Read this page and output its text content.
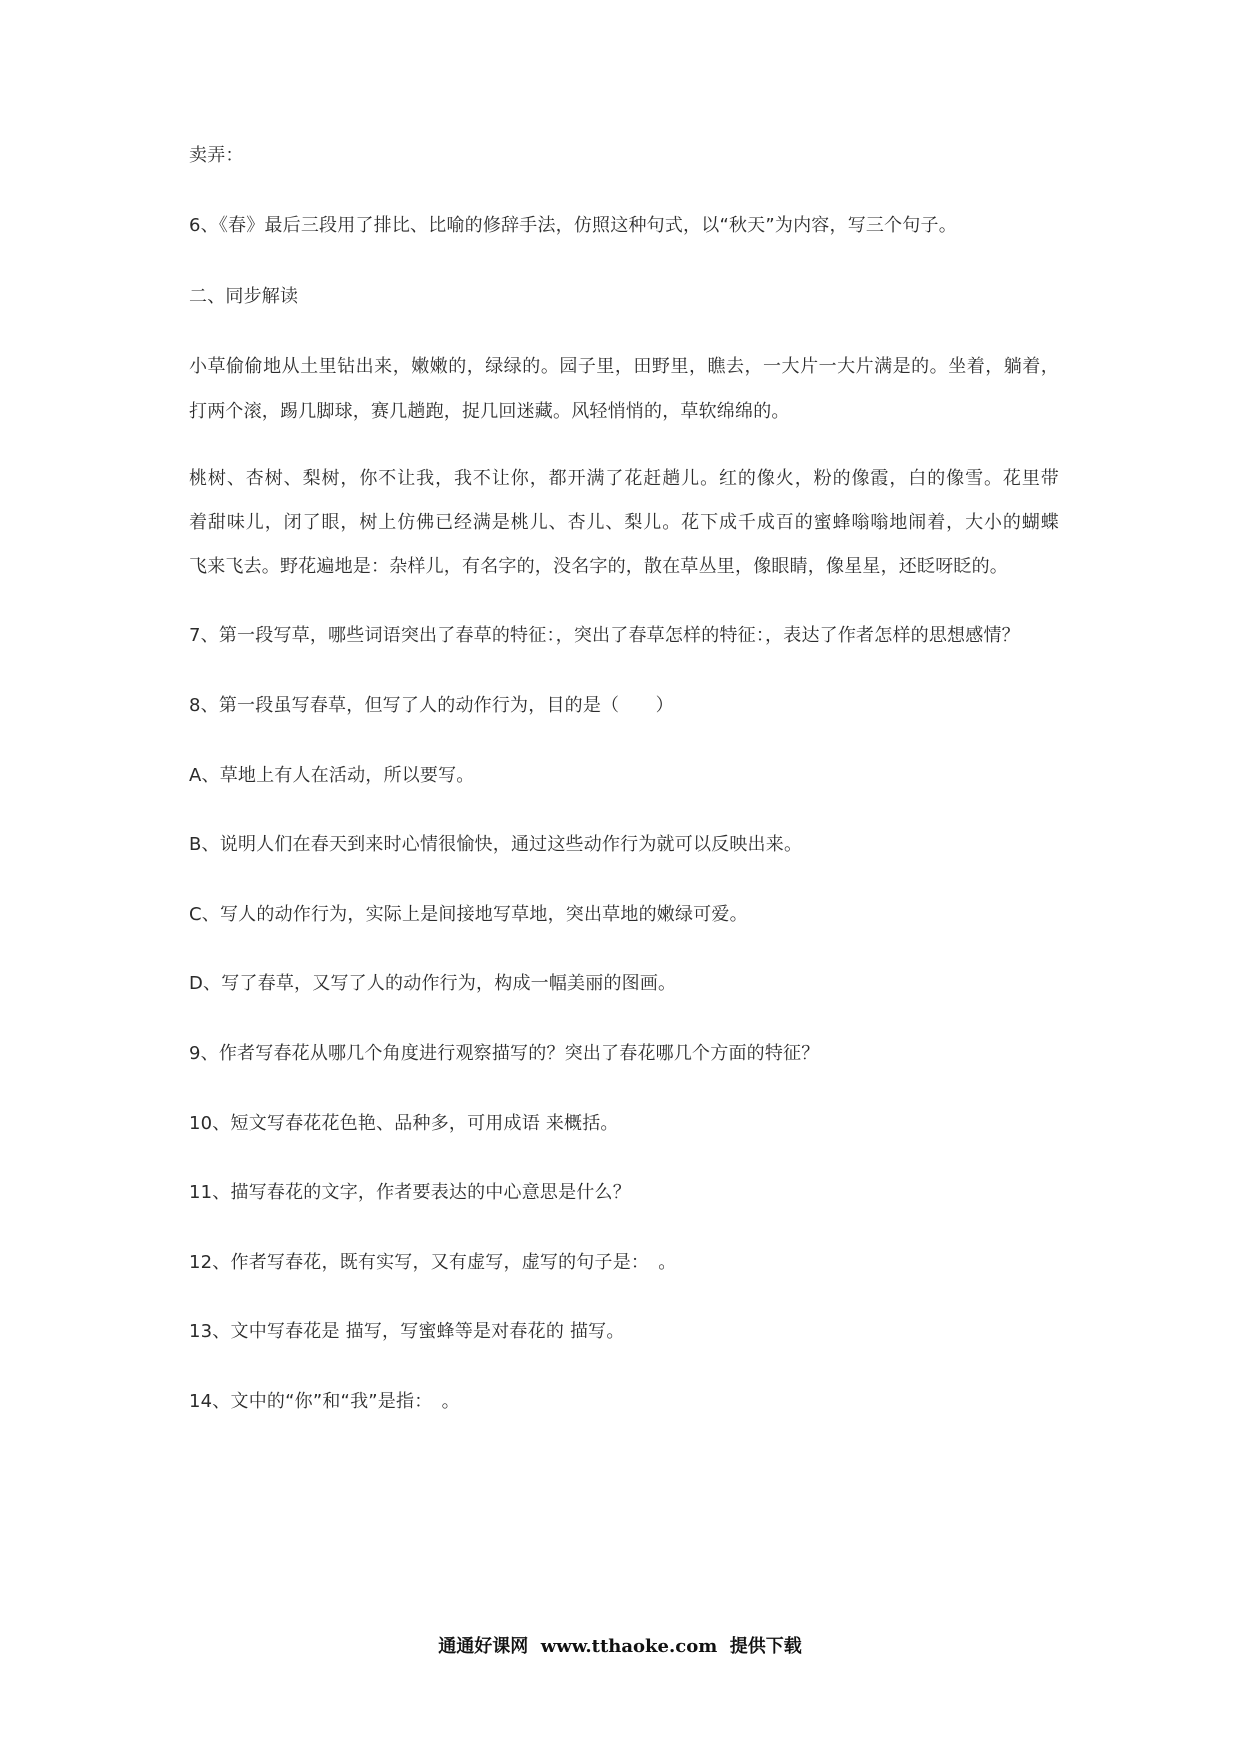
卖弄：
6、《春》最后三段用了排比、比喻的修辞手法，仿照这种句式，以“秋天”为内容，写三个句子。
二、同步解读
小草偷偷地从土里钻出来，嫩嫩的，绿绿的。园子里，田野里，瞧去，一大片一大片满是的。坐着，躺着，
打两个滚，踢几脚球，赛几趟跑，捉几回迷藏。风轻悄悄的，草软绵绵的。
桃树、杏树、梨树，你不让我，我不让你，都开满了花赶趟儿。红的像火，粉的像霞，白的像雪。花里带
着甜味儿，闭了眼，树上仿佛已经满是桃儿、杏儿、梨儿。花下成千成百的蜜蜂嗡嗡地闹着，大小的蝴蝶
飞来飞去。野花遍地是：杂样儿，有名字的，没名字的，散在草丛里，像眼睛，像星星，还眨呀眨的。
7、第一段写草，哪些词语突出了春草的特征：，突出了春草怎样的特征：，表达了作者怎样的思想感情？
8、第一段虽写春草，但写了人的动作行为，目的是（　　）
A、草地上有人在活动，所以要写。
B、说明人们在春天到来时心情很愉快，通过这些动作行为就可以反映出来。
C、写人的动作行为，实际上是间接地写草地，突出草地的嫩绿可爱。
D、写了春草，又写了人的动作行为，构成一幅美丽的图画。
9、作者写春花从哪几个角度进行观察描写的？突出了春花哪几个方面的特征？
10、短文写春花花色艳、品种多，可用成语 来概括。
11、描写春花的文字，作者要表达的中心意思是什么？
12、作者写春花，既有实写，又有虚写，虚写的句子是：　。
13、文中写春花是 描写，写蜜蜂等是对春花的 描写。
14、文中的“你”和“我”是指：　。
通通好课网  www.tthaoke.com  提供下载
